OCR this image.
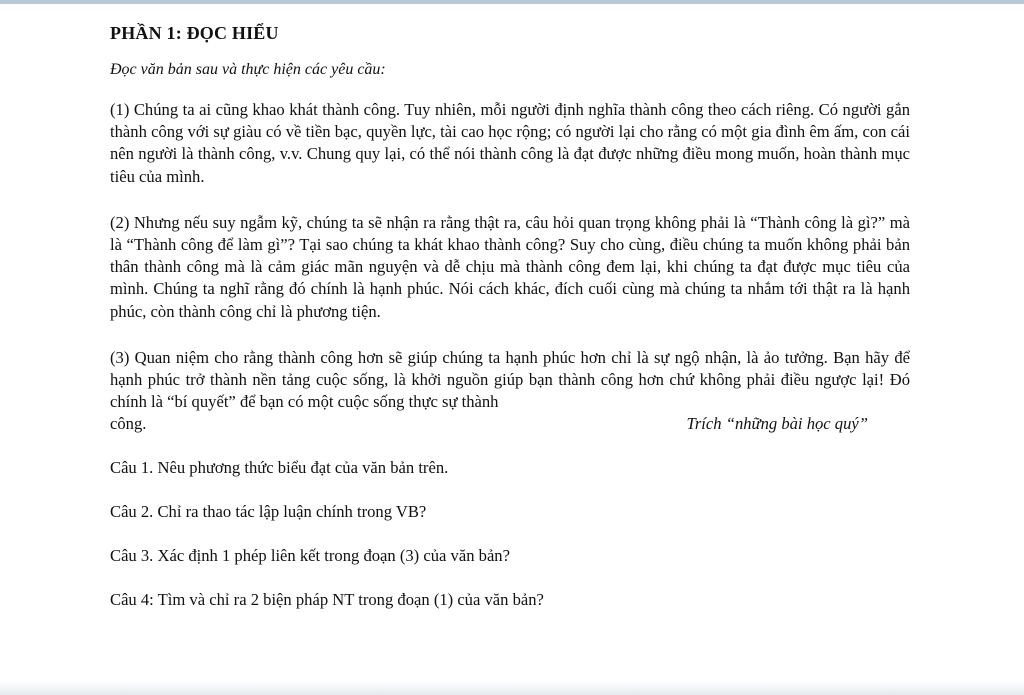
PHẦN 1: ĐỌC HIỂU

Đọc văn bản sau và thực hiện các yêu cầu:

(1) Chúng ta ai cũng khao khát thành công. Tuy nhiên, mỗi người định nghĩa thành công theo cách riêng. Có người gắn thành công với sự giàu có về tiền bạc, quyền lực, tài cao học rộng; có người lại cho rằng có một gia đình êm ấm, con cái nên người là thành công, v.v. Chung quy lại, có thể nói thành công là đạt được những điều mong muốn, hoàn thành mục tiêu của mình.

(2) Nhưng nếu suy ngẫm kỹ, chúng ta sẽ nhận ra rằng thật ra, câu hỏi quan trọng không phải là “Thành công là gì?” mà là “Thành công để làm gì”? Tại sao chúng ta khát khao thành công? Suy cho cùng, điều chúng ta muốn không phải bản thân thành công mà là cảm giác mãn nguyện và dễ chịu mà thành công đem lại, khi chúng ta đạt được mục tiêu của mình. Chúng ta nghĩ rằng đó chính là hạnh phúc. Nói cách khác, đích cuối cùng mà chúng ta nhắm tới thật ra là hạnh phúc, còn thành công chỉ là phương tiện.

(3) Quan niệm cho rằng thành công hơn sẽ giúp chúng ta hạnh phúc hơn chỉ là sự ngộ nhận, là ảo tưởng. Bạn hãy để hạnh phúc trở thành nền tảng cuộc sống, là khởi nguồn giúp bạn thành công hơn chứ không phải điều ngược lại! Đó chính là “bí quyết” để bạn có một cuộc sống thực sự thành

công.	Trích “những bài học quý”

Câu 1. Nêu phương thức biểu đạt của văn bản trên.

Câu 2. Chỉ ra thao tác lập luận chính trong VB?

Câu 3. Xác định 1 phép liên kết trong đoạn (3) của văn bản?

Câu 4: Tìm và chỉ ra 2 biện pháp NT trong đoạn (1) của văn bản?
